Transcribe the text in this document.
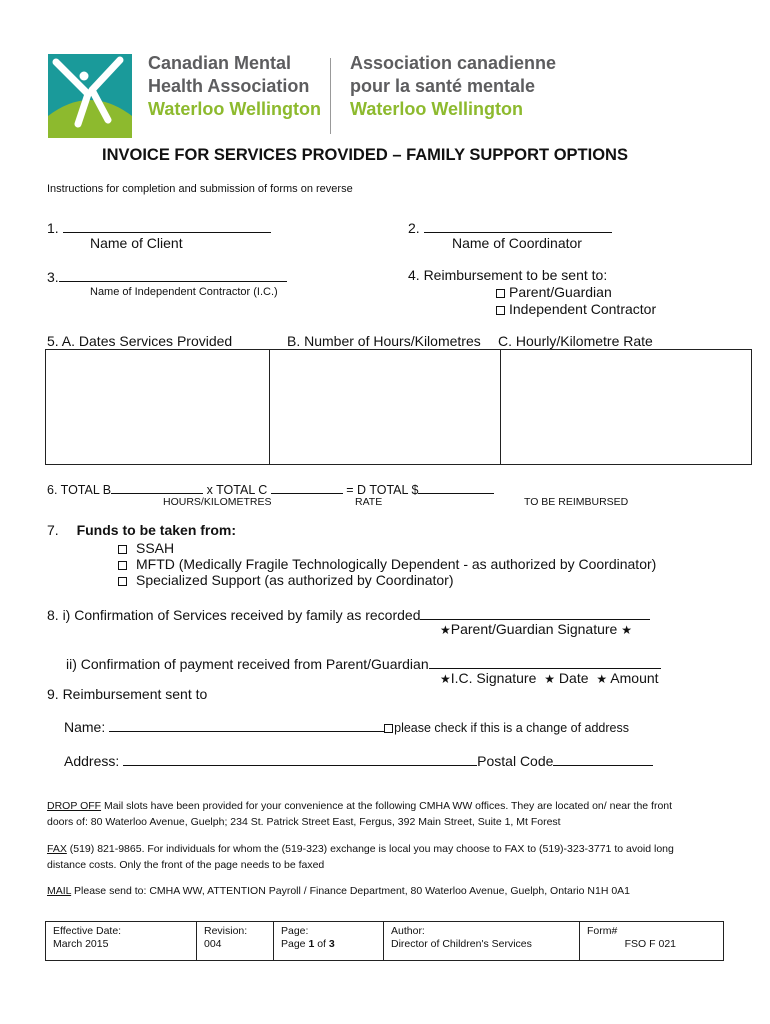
Canadian Mental
Health Association
Waterloo Wellington
Association canadienne
pour la santé mentale
Waterloo Wellington
INVOICE FOR SERVICES PROVIDED – FAMILY SUPPORT OPTIONS
Instructions for completion and submission of forms on reverse
1.
Name of Client
2.
Name of Coordinator
3.
Name of Independent Contractor (I.C.)
4. Reimbursement to be sent to:
Parent/Guardian
Independent Contractor
5. A. Dates Services Provided	B. Number of Hours/Kilometres C. Hourly/Kilometre Rate
6. TOTAL B	x TOTAL C	= D TOTAL $
HOURS/KILOMETRES	RATE	TO BE REIMBURSED
7. Funds to be taken from:
SSAH
MFTD (Medically Fragile Technologically Dependent - as authorized by Coordinator)
Specialized Support (as authorized by Coordinator)
8. i) Confirmation of Services received by family as recorded
★Parent/Guardian Signature ★
ii) Confirmation of payment received from Parent/Guardian
★I.C. Signature ★ Date ★ Amount
9. Reimbursement sent to
Name:	please check if this is a change of address
Address:	Postal Code
DROP OFF Mail slots have been provided for your convenience at the following CMHA WW offices. They are located on/ near the front doors of: 80 Waterloo Avenue, Guelph; 234 St. Patrick Street East, Fergus, 392 Main Street, Suite 1, Mt Forest
FAX (519) 821-9865. For individuals for whom the (519-323) exchange is local you may choose to FAX to (519)-323-3771 to avoid long distance costs. Only the front of the page needs to be faxed
MAIL Please send to: CMHA WW, ATTENTION Payroll / Finance Department, 80 Waterloo Avenue, Guelph, Ontario N1H 0A1
Effective Date:
March 2015
Revision:
004
Page:
Page 1 of 3
Author:
Director of Children's Services
Form#
FSO F 021
